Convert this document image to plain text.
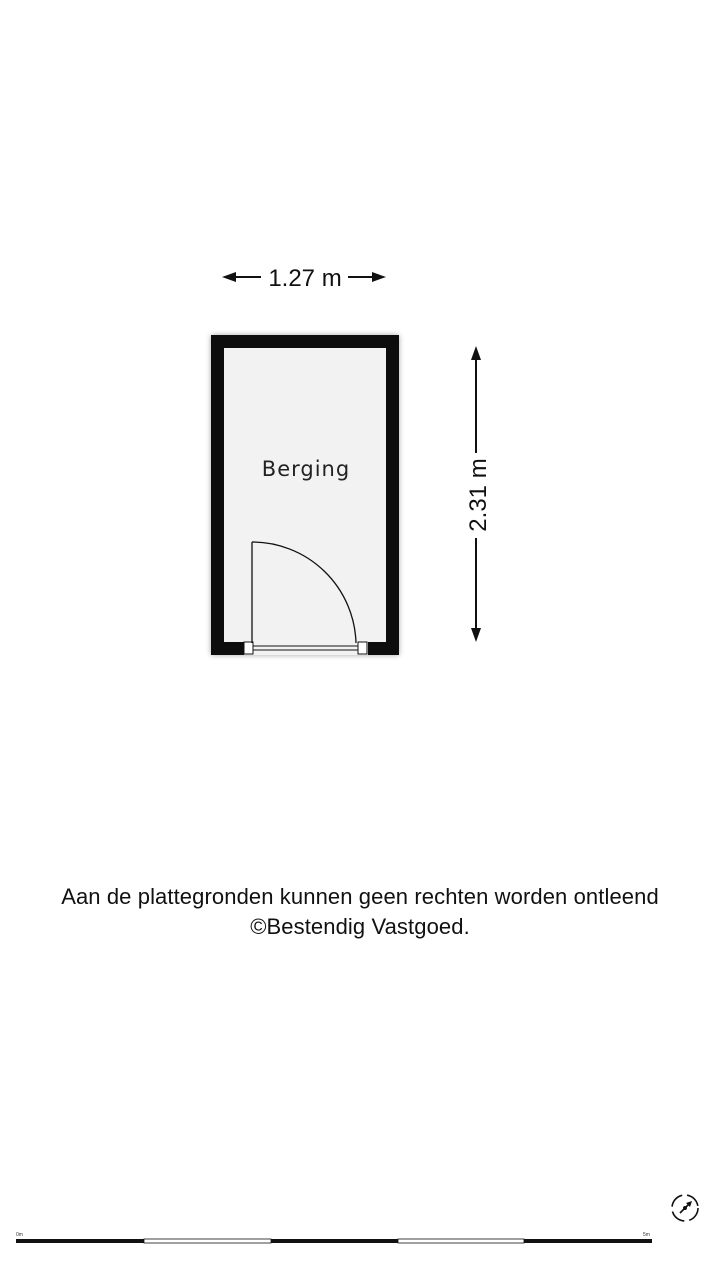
1.27 m
2.31 m
Berging
0m	5m
Aan de plattegronden kunnen geen rechten worden ontleend
©Bestendig Vastgoed.
